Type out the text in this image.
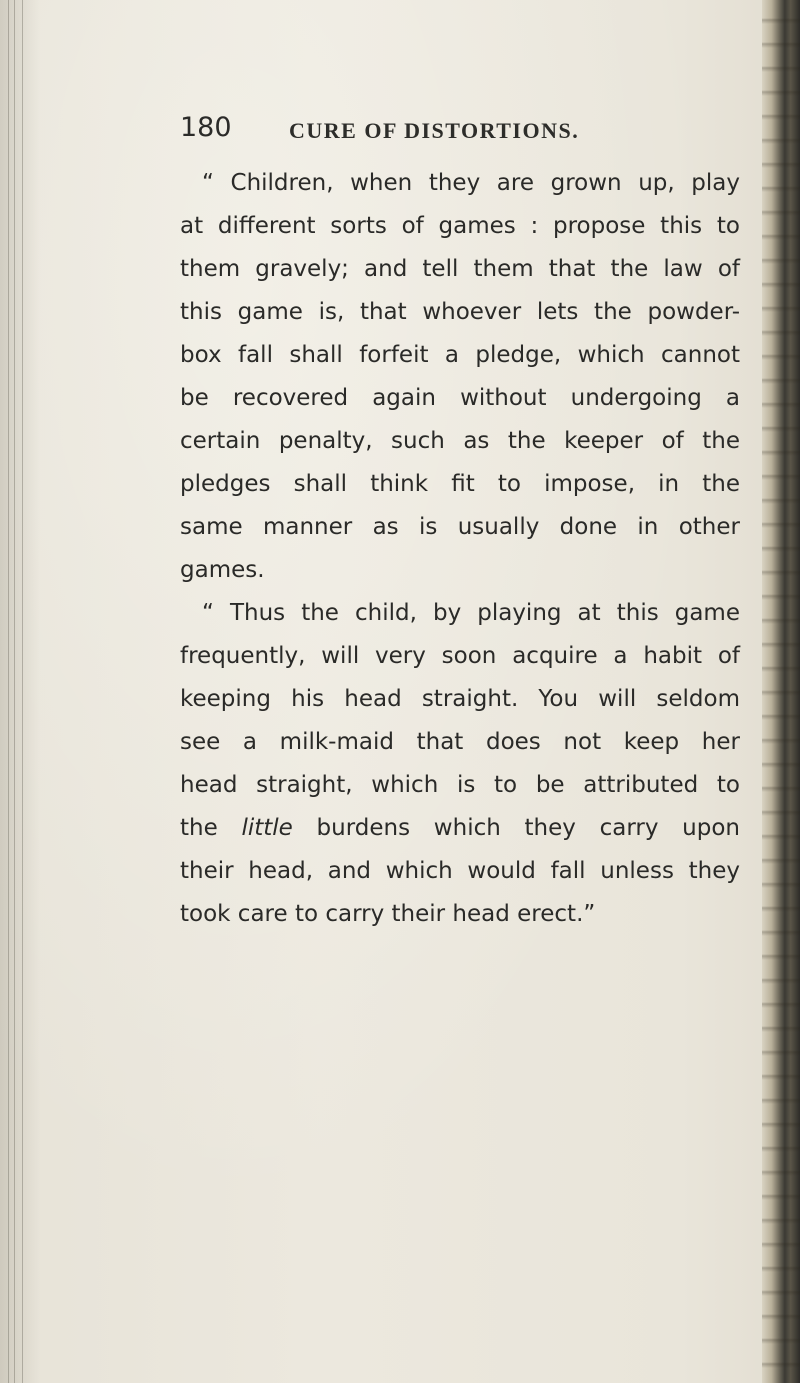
180	CURE OF DISTORTIONS.
“ Children, when they are grown up, play
at different sorts of games : propose this to
them gravely; and tell them that the law of
this game is, that whoever lets the powder-
box fall shall forfeit a pledge, which cannot
be recovered again without undergoing a
certain penalty, such as the keeper of the
pledges shall think fit to impose, in the
same manner as is usually done in other
games.
“ Thus the child, by playing at this game
frequently, will very soon acquire a habit of
keeping his head straight. You will seldom
see a milk-maid that does not keep her
head straight, which is to be attributed to
the little burdens which they carry upon
their head, and which would fall unless they
took care to carry their head erect.”
